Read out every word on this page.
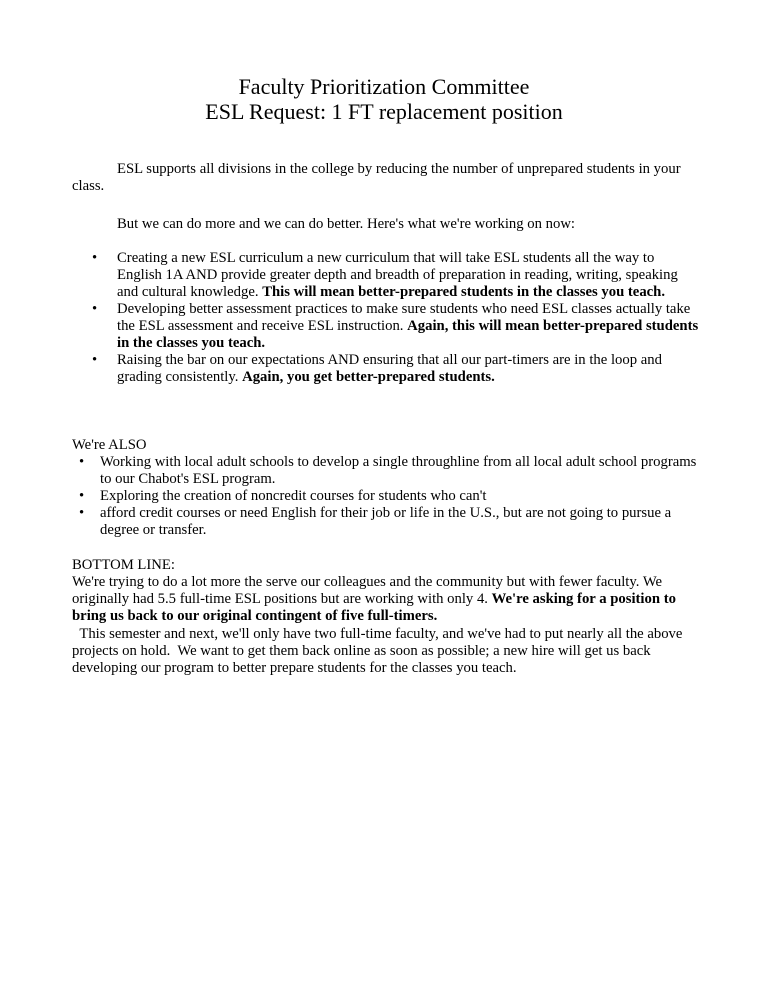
Faculty Prioritization Committee
ESL Request: 1 FT replacement position

ESL supports all divisions in the college by reducing the number of unprepared students in your class.

But we can do more and we can do better. Here's what we're working on now:
•	Creating a new ESL curriculum a new curriculum that will take ESL students all the way to English 1A AND provide greater depth and breadth of preparation in reading, writing, speaking and cultural knowledge. This will mean better-prepared students in the classes you teach.
•	Developing better assessment practices to make sure students who need ESL classes actually take the ESL assessment and receive ESL instruction. Again, this will mean better-prepared students in the classes you teach.
•	Raising the bar on our expectations AND ensuring that all our part-timers are in the loop and grading consistently. Again, you get better-prepared students.

We're ALSO

•	Working with local adult schools to develop a single throughline from all local adult school programs to our Chabot's ESL program.
•	Exploring the creation of noncredit courses for students who can't
•	afford credit courses or need English for their job or life in the U.S., but are not going to pursue a degree or transfer.

BOTTOM LINE:

We're trying to do a lot more the serve our colleagues and the community but with fewer faculty. We originally had 5.5 full-time ESL positions but are working with only 4. We're asking for a position to bring us back to our original contingent of five full-timers.

This semester and next, we'll only have two full-time faculty, and we've had to put nearly all the above projects on hold.  We want to get them back online as soon as possible; a new hire will get us back developing our program to better prepare students for the classes you teach.
